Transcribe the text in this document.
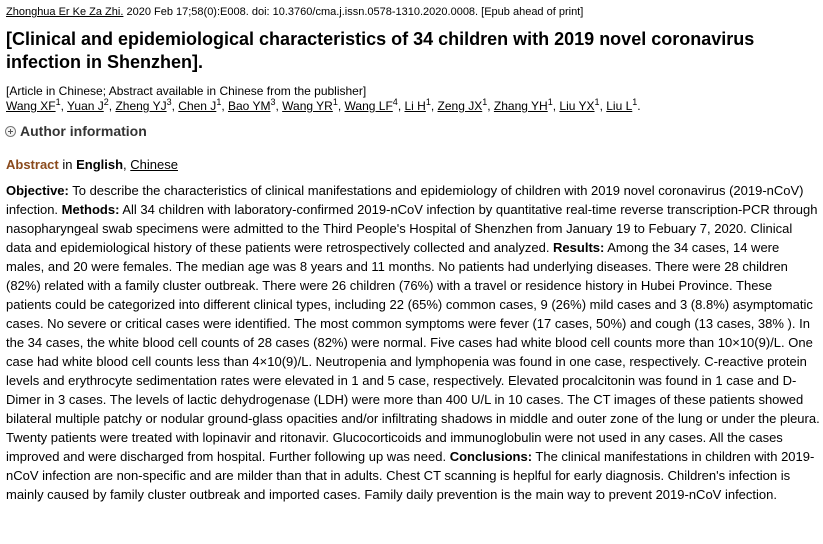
Zhonghua Er Ke Za Zhi. 2020 Feb 17;58(0):E008. doi: 10.3760/cma.j.issn.0578-1310.2020.0008. [Epub ahead of print]
[Clinical and epidemiological characteristics of 34 children with 2019 novel coronavirus infection in Shenzhen].
[Article in Chinese; Abstract available in Chinese from the publisher]
Wang $XF^1$, Yuan $J^2$, Zheng $YJ^3$, Chen $J^1$, Bao $YM^3$, Wang $YR^1$, Wang $LF^4$, Li $H^1$, Zeng $JX^1$, Zhang $YH^1$, Liu $YX^1$, Liu $L^1$.
Author information
Abstract in English, Chinese

Objective: To describe the characteristics of clinical manifestations and epidemiology of children with 2019 novel coronavirus (2019-nCoV) infection. Methods: All 34 children with laboratory-confirmed 2019-nCoV infection by quantitative real-time reverse transcription-PCR through nasopharyngeal swab specimens were admitted to the Third People's Hospital of Shenzhen from January 19 to Febuary 7, 2020. Clinical data and epidemiological history of these patients were retrospectively collected and analyzed. Results: Among the 34 cases, 14 were males, and 20 were females. The median age was 8 years and 11 months. No patients had underlying diseases. There were 28 children (82%) related with a family cluster outbreak. There were 26 children (76%) with a travel or residence history in Hubei Province. These patients could be categorized into different clinical types, including 22 (65%) common cases, 9 (26%) mild cases and 3 (8.8%) asymptomatic cases. No severe or critical cases were identified. The most common symptoms were fever (17 cases, 50%) and cough (13 cases, 38% ). In the 34 cases, the white blood cell counts of 28 cases (82%) were normal. Five cases had white blood cell counts more than 10×10(9)/L. One case had white blood cell counts less than 4×10(9)/L. Neutropenia and lymphopenia was found in one case, respectively. C-reactive protein levels and erythrocyte sedimentation rates were elevated in 1 and 5 case, respectively. Elevated procalcitonin was found in 1 case and D-Dimer in 3 cases. The levels of lactic dehydrogenase (LDH) were more than 400 U/L in 10 cases. The CT images of these patients showed bilateral multiple patchy or nodular ground-glass opacities and/or infiltrating shadows in middle and outer zone of the lung or under the pleura. Twenty patients were treated with lopinavir and ritonavir. Glucocorticoids and immunoglobulin were not used in any cases. All the cases improved and were discharged from hospital. Further following up was need. Conclusions: The clinical manifestations in children with 2019-nCoV infection are non-specific and are milder than that in adults. Chest CT scanning is heplful for early diagnosis. Children's infection is mainly caused by family cluster outbreak and imported cases. Family daily prevention is the main way to prevent 2019-nCoV infection.
